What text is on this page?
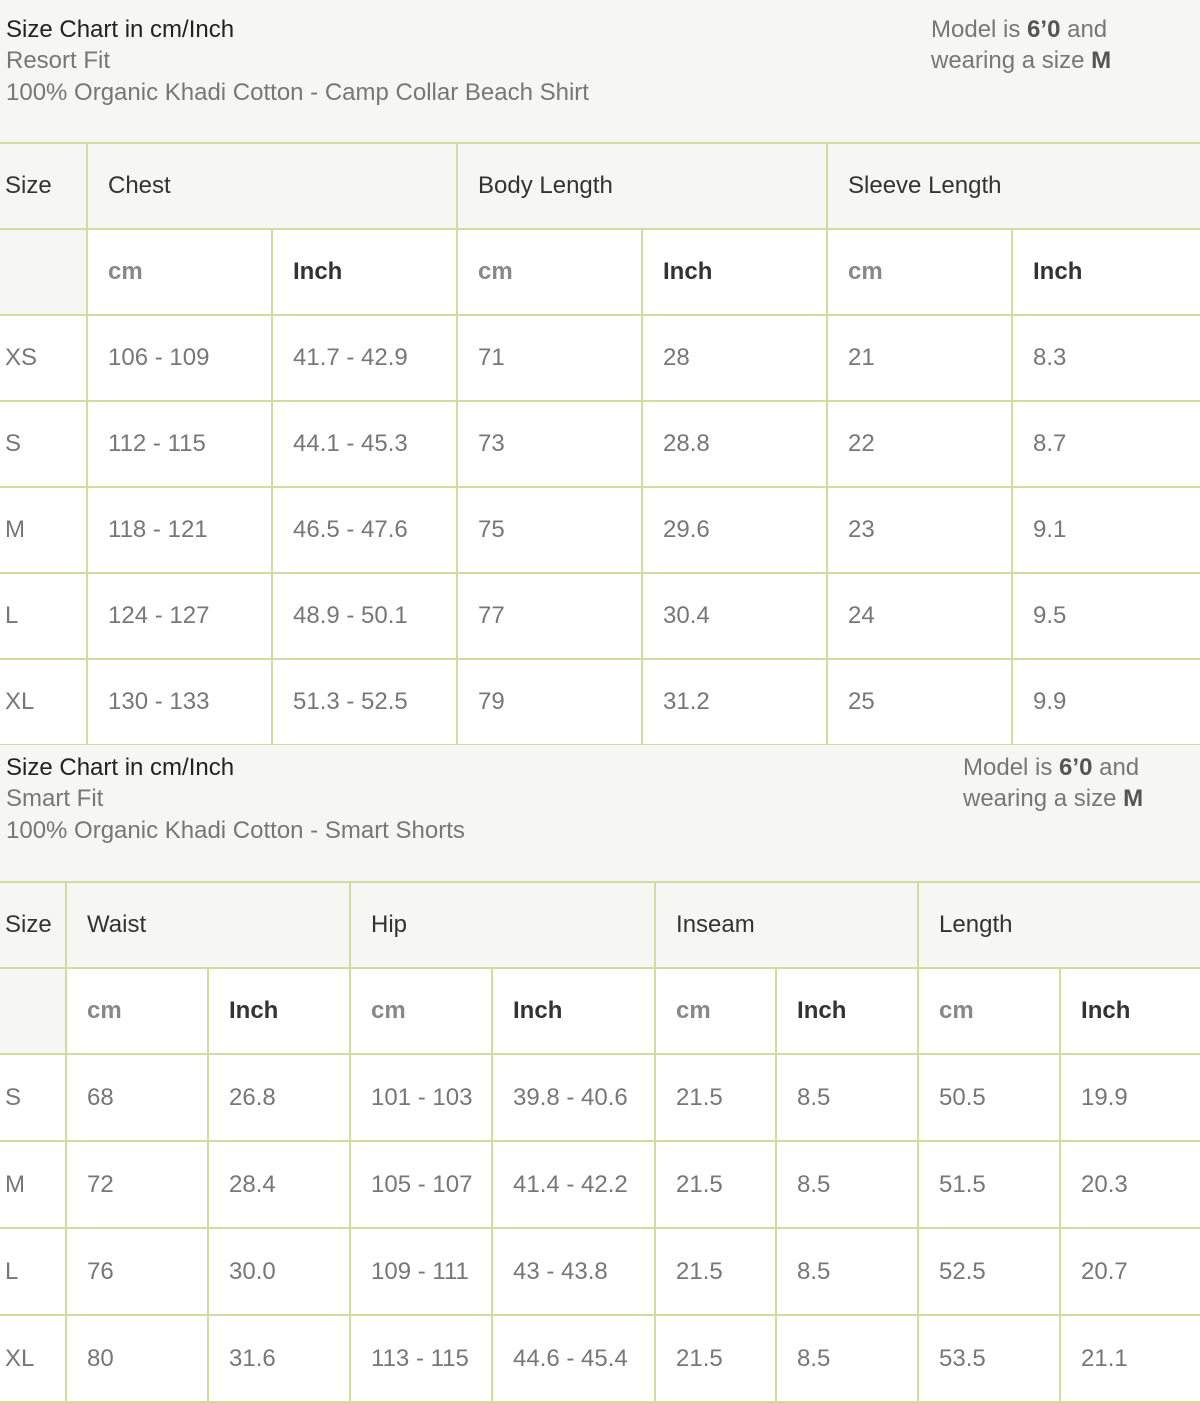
Size Chart in cm/Inch
Resort Fit
100% Organic Khadi Cotton - Camp Collar Beach Shirt
Model is 6’0 and
wearing a size M
Size	Chest		Body Length		Sleeve Length	
	cm	Inch	cm	Inch	cm	Inch
XS	106 - 109	41.7 - 42.9	71	28	21	8.3
S	112 - 115	44.1 - 45.3	73	28.8	22	8.7
M	118 - 121	46.5 - 47.6	75	29.6	23	9.1
L	124 - 127	48.9 - 50.1	77	30.4	24	9.5
XL	130 - 133	51.3 - 52.5	79	31.2	25	9.9
Size Chart in cm/Inch
Smart Fit
100% Organic Khadi Cotton - Smart Shorts
Model is 6’0 and
wearing a size M
Size	Waist		Hip		Inseam		Length	
	cm	Inch	cm	Inch	cm	Inch	cm	Inch
S	68	26.8	101 - 103	39.8 - 40.6	21.5	8.5	50.5	19.9
M	72	28.4	105 - 107	41.4 - 42.2	21.5	8.5	51.5	20.3
L	76	30.0	109 - 111	43 - 43.8	21.5	8.5	52.5	20.7
XL	80	31.6	113 - 115	44.6 - 45.4	21.5	8.5	53.5	21.1
